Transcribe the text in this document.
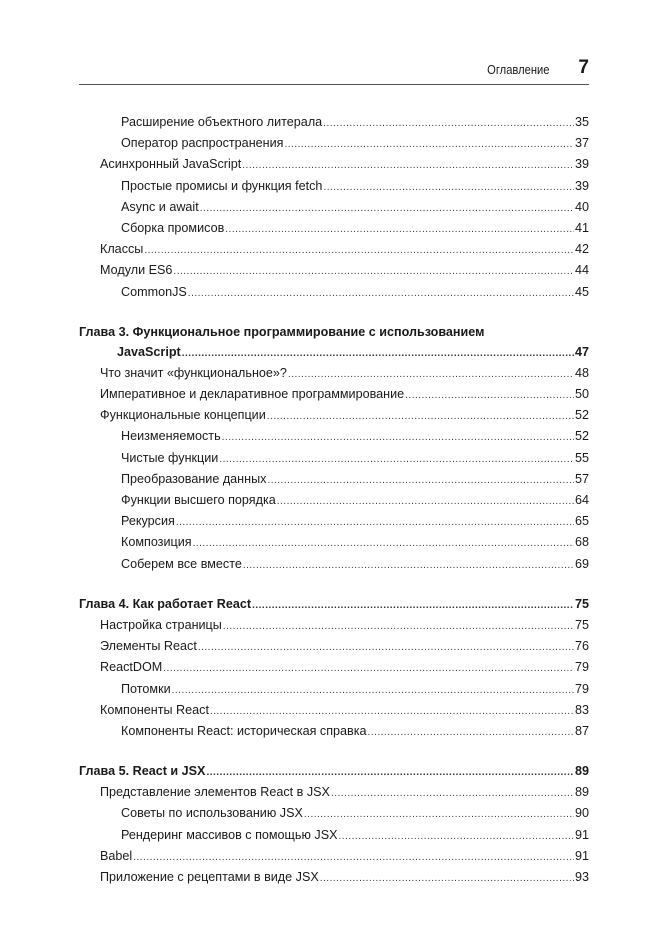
Оглавление 7
Расширение объектного литерала .....	35
Оператор распространения .....	37
Асинхронный JavaScript .....	39
Простые промисы и функция fetch .....	39
Async и await .....	40
Сборка промисов .....	41
Классы .....	42
Модули ES6 .....	44
CommonJS .....	45
Глава 3. Функциональное программирование с использованием
JavaScript .....	47
Что значит «функциональное»? .....	48
Императивное и декларативное программирование .....	50
Функциональные концепции .....	52
Неизменяемость .....	52
Чистые функции .....	55
Преобразование данных .....	57
Функции высшего порядка .....	64
Рекурсия .....	65
Композиция .....	68
Соберем все вместе .....	69
Глава 4. Как работает React .....	75
Настройка страницы .....	75
Элементы React .....	76
ReactDOM .....	79
Потомки .....	79
Компоненты React .....	83
Компоненты React: историческая справка .....	87
Глава 5. React и JSX .....	89
Представление элементов React в JSX .....	89
Советы по использованию JSX .....	90
Рендеринг массивов с помощью JSX .....	91
Babel .....	91
Приложение с рецептами в виде JSX .....	93
